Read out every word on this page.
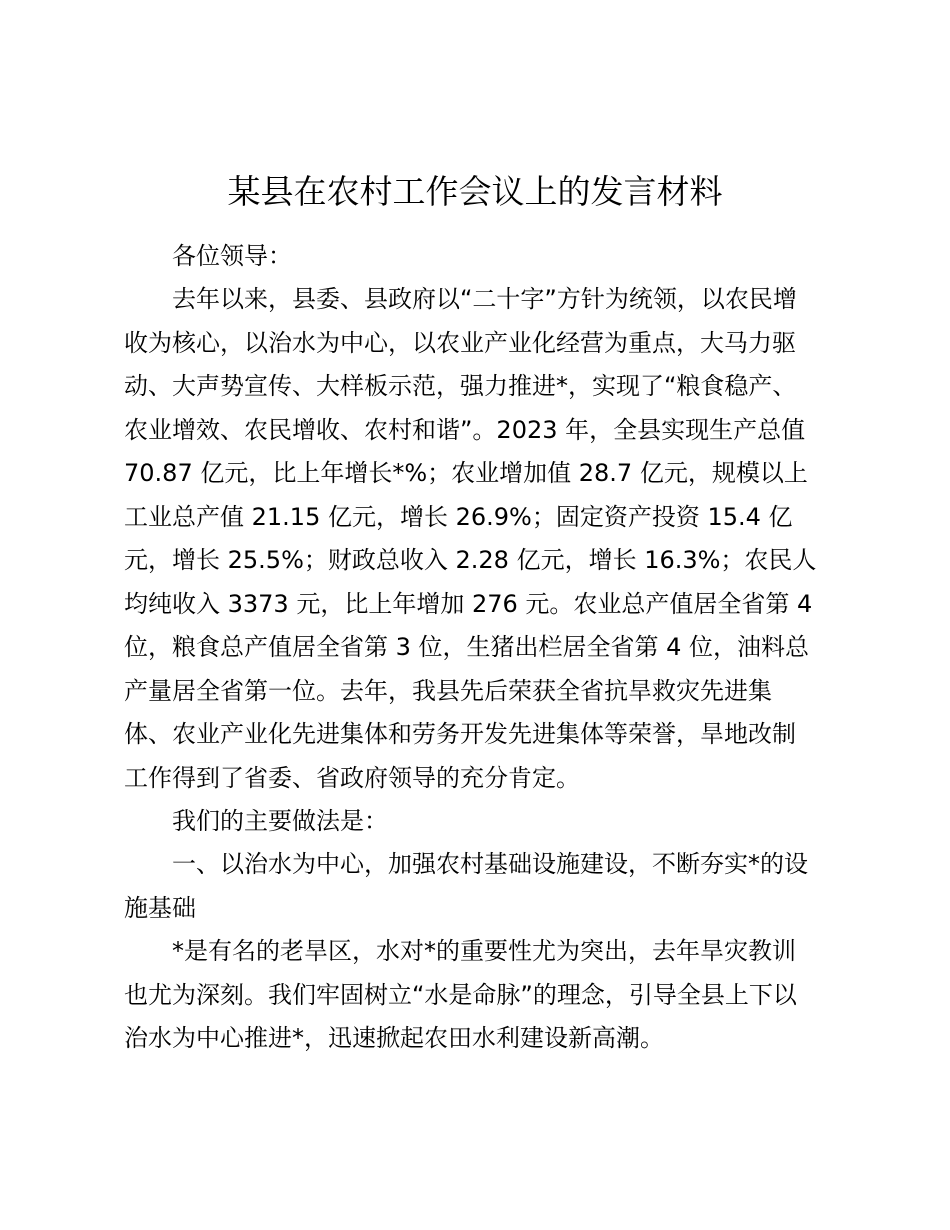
某县在农村工作会议上的发言材料

各位领导：

去年以来，县委、县政府以“二十字”方针为统领，以农民增
收为核心，以治水为中心，以农业产业化经营为重点，大马力驱
动、大声势宣传、大样板示范，强力推进*，实现了“粮食稳产、
农业增效、农民增收、农村和谐”。2023 年，全县实现生产总值
70.87 亿元，比上年增长*%；农业增加值 28.7 亿元，规模以上
工业总产值 21.15 亿元，增长 26.9%；固定资产投资 15.4 亿
元，增长 25.5%；财政总收入 2.28 亿元，增长 16.3%；农民人
均纯收入 3373 元，比上年增加 276 元。农业总产值居全省第 4
位，粮食总产值居全省第 3 位，生猪出栏居全省第 4 位，油料总
产量居全省第一位。去年，我县先后荣获全省抗旱救灾先进集
体、农业产业化先进集体和劳务开发先进集体等荣誉，旱地改制
工作得到了省委、省政府领导的充分肯定。

我们的主要做法是：

一、以治水为中心，加强农村基础设施建设，不断夯实*的设
施基础
*是有名的老旱区，水对*的重要性尤为突出，去年旱灾教训
也尤为深刻。我们牢固树立“水是命脉”的理念，引导全县上下以
治水为中心推进*，迅速掀起农田水利建设新高潮。
